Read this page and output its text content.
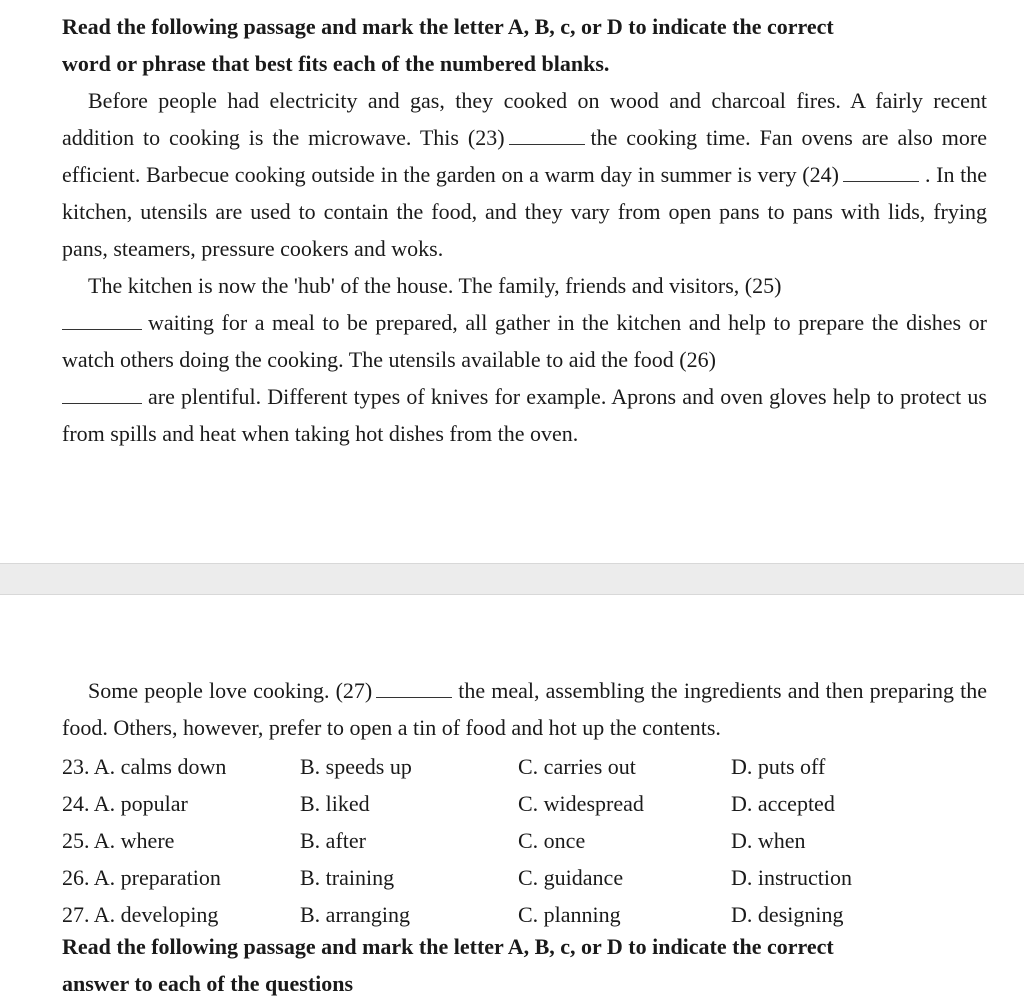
Read the following passage and mark the letter A, B, c, or D to indicate the correct
word or phrase that best fits each of the numbered blanks.

Before people had electricity and gas, they cooked on wood and charcoal fires. A fairly recent addition to cooking is the microwave. This (23)	the cooking time. Fan ovens are also more efficient. Barbecue cooking outside in the garden on a warm day in summer is very (24)	. In the kitchen, utensils are used to contain the food, and they vary from open pans to pans with lids, frying pans, steamers, pressure cookers and woks.

The kitchen is now the 'hub' of the house. The family, friends and visitors, (25)
waiting for a meal to be prepared, all gather in the kitchen and help to prepare the dishes or watch others doing the cooking. The utensils available to aid the food (26)
are plentiful. Different types of knives for example. Aprons and oven gloves help to protect us from spills and heat when taking hot dishes from the oven.

Some people love cooking. (27)	the meal, assembling the ingredients and then preparing the food. Others, however, prefer to open a tin of food and hot up the contents.

23. A. calms down	B. speeds up	C. carries out	D. puts off
24. A. popular	B. liked	C. widespread	D. accepted
25. A. where	B. after	C. once	D. when
26. A. preparation	B. training	C. guidance	D. instruction
27. A. developing	B. arranging	C. planning	D. designing
Read the following passage and mark the letter A, B, c, or D to indicate the correct
answer to each of the questions
